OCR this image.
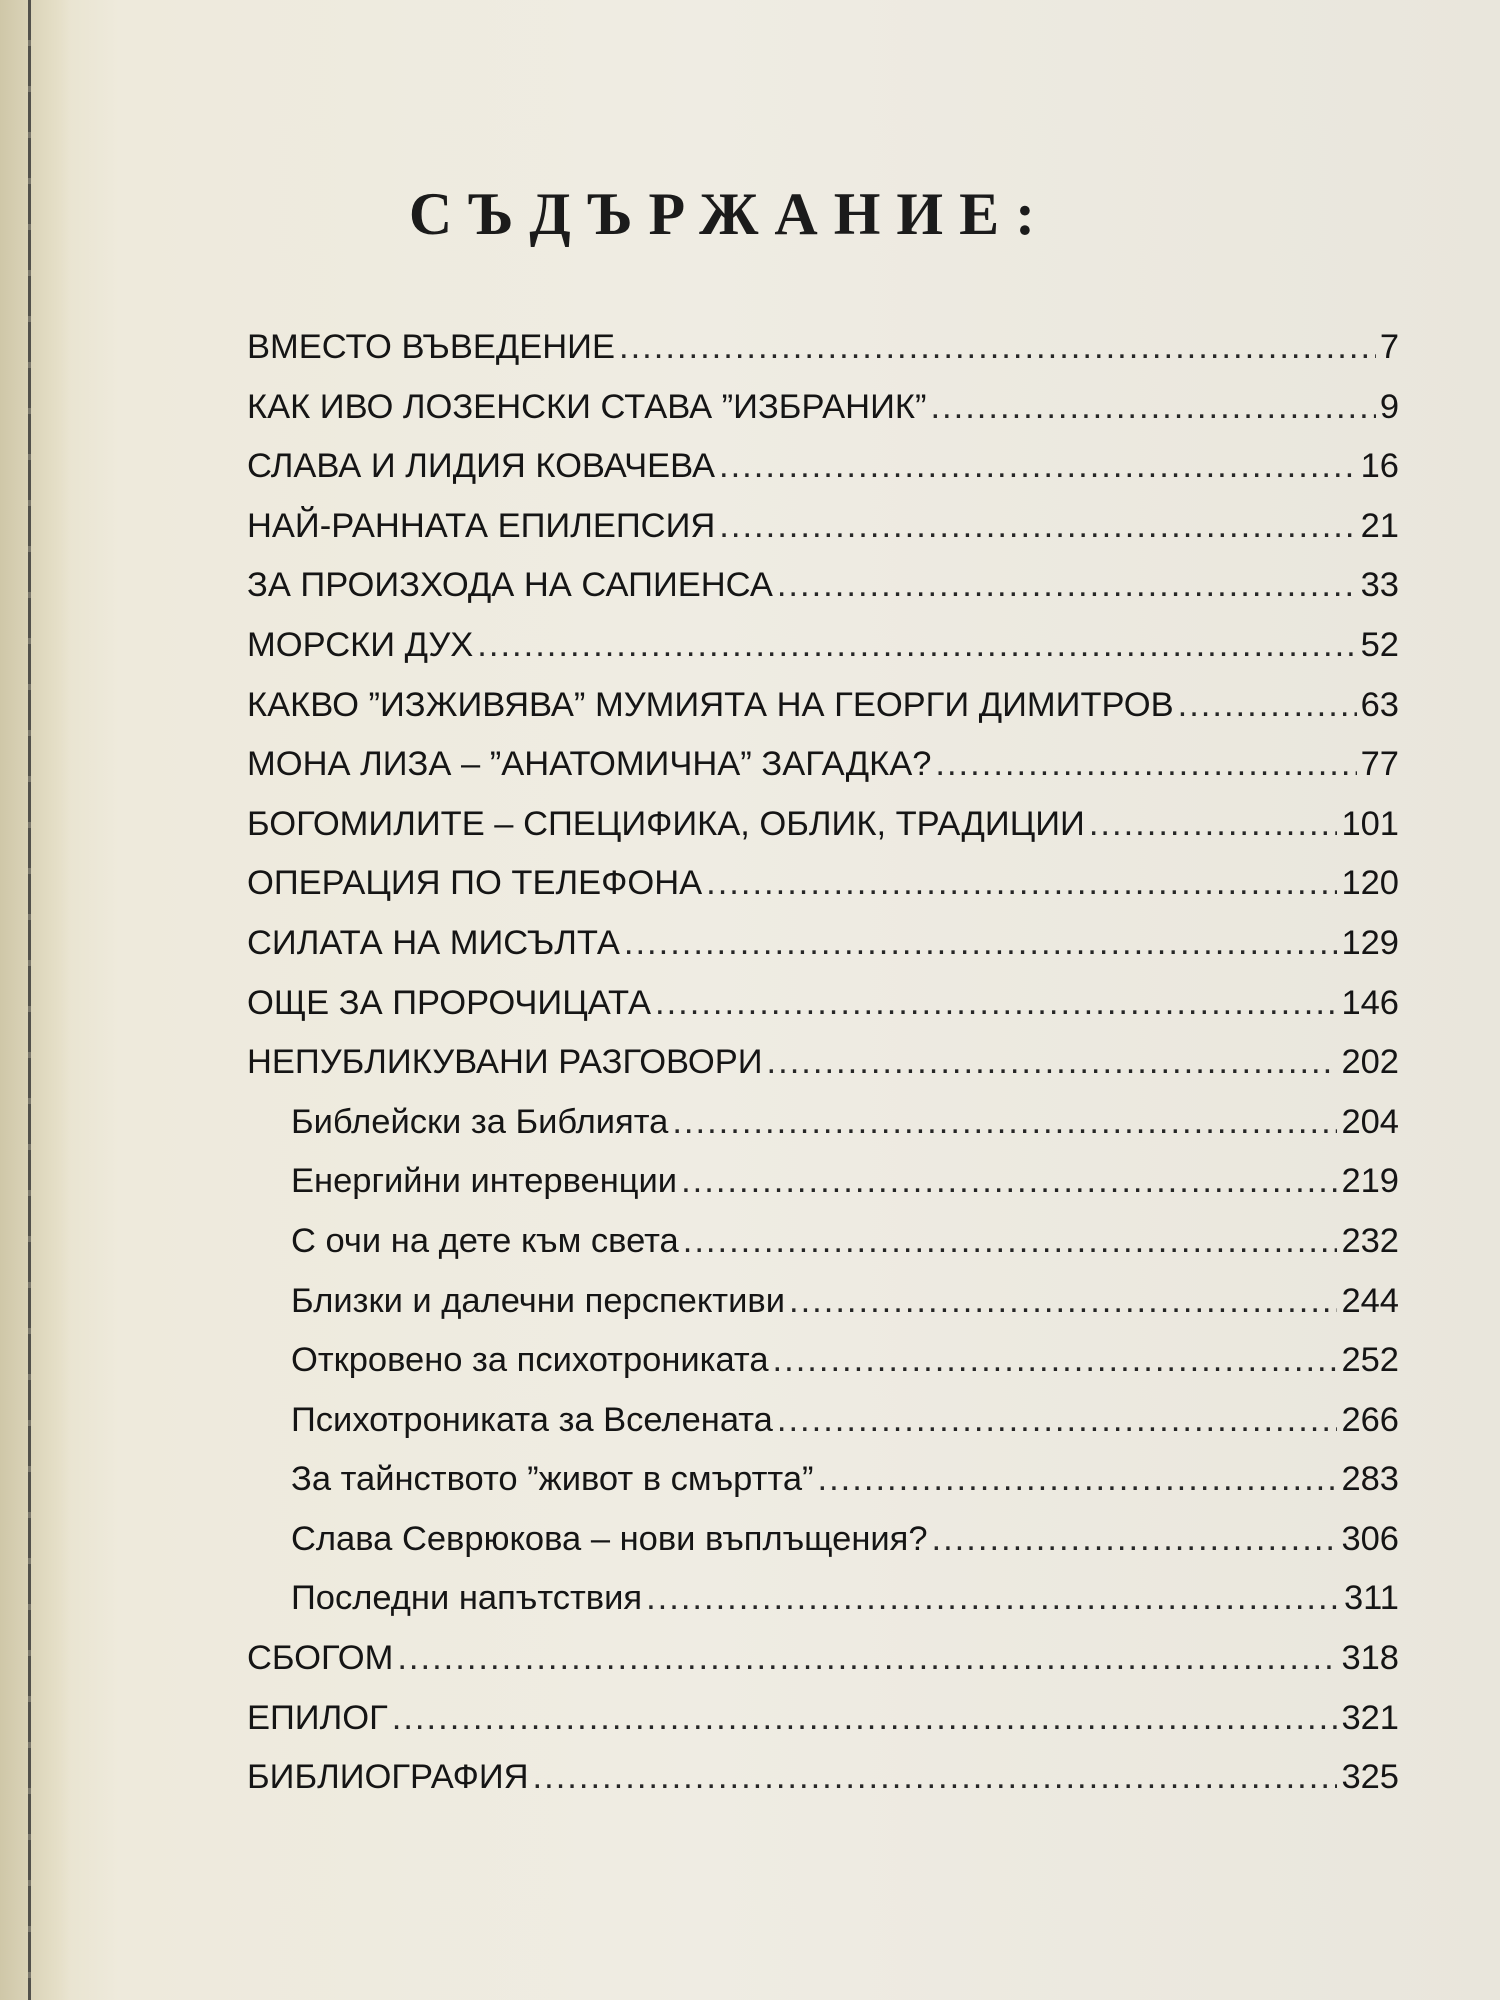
СЪДЪРЖАНИЕ:
ВМЕСТО ВЪВЕДЕНИЕ .....	7
КАК ИВО ЛОЗЕНСКИ СТАВА ”ИЗБРАНИК” .....	9
СЛАВА И ЛИДИЯ КОВАЧЕВА .....	16
НАЙ-РАННАТА ЕПИЛЕПСИЯ .....	21
ЗА ПРОИЗХОДА НА САПИЕНСА .....	33
МОРСКИ ДУХ .....	52
КАКВО ”ИЗЖИВЯВА” МУМИЯТА НА ГЕОРГИ ДИМИТРОВ .....	63
МОНА ЛИЗА – ”АНАТОМИЧНА” ЗАГАДКА? .....	77
БОГОМИЛИТЕ – СПЕЦИФИКА, ОБЛИК, ТРАДИЦИИ .....	101
ОПЕРАЦИЯ ПО ТЕЛЕФОНА .....	120
СИЛАТА НА МИСЪЛТА .....	129
ОЩЕ ЗА ПРОРОЧИЦАТА .....	146
НЕПУБЛИКУВАНИ РАЗГОВОРИ .....	202
Библейски за Библията .....	204
Енергийни интервенции .....	219
С очи на дете към света .....	232
Близки и далечни перспективи .....	244
Откровено за психотрониката .....	252
Психотрониката за Вселената .....	266
За тайнството ”живот в смъртта” .....	283
Слава Севрюкова – нови въплъщения? .....	306
Последни напътствия .....	311
СБОГОМ .....	318
ЕПИЛОГ .....	321
БИБЛИОГРАФИЯ .....	325
